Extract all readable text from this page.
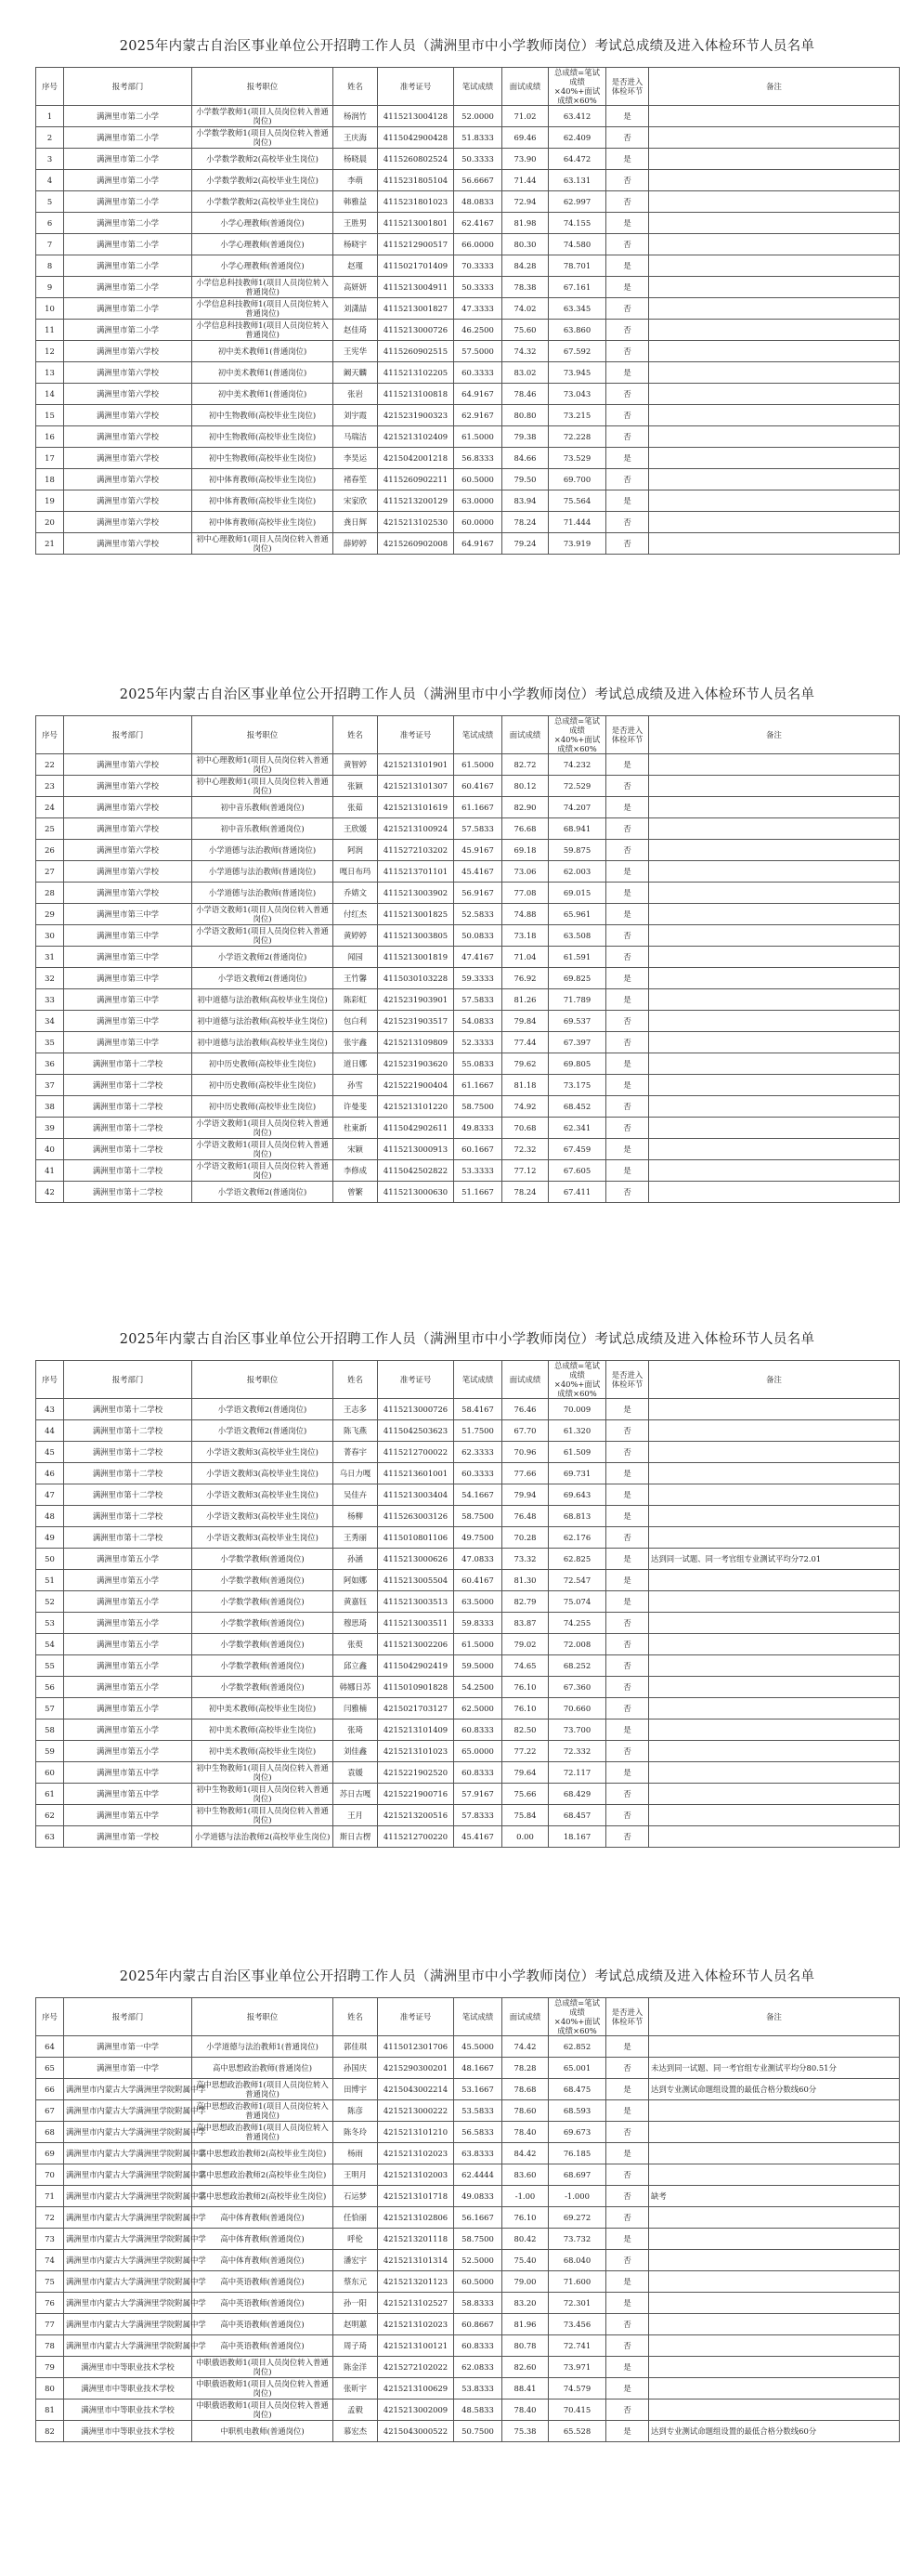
2025年内蒙古自治区事业单位公开招聘工作人员（满洲里市中小学教师岗位）考试总成绩及进入体检环节人员名单
序号	报考部门	报考职位	姓名	准考证号	笔试成绩	面试成绩	总成绩=笔试成绩×40%+面试成绩×60%	是否进入体检环节	备注
1	满洲里市第二小学	小学数学教师1(项目人员岗位转入普通岗位)	杨润竹	4115213004128	52.0000	71.02	63.412	是	
2	满洲里市第二小学	小学数学教师1(项目人员岗位转入普通岗位)	王庆海	4115042900428	51.8333	69.46	62.409	否	
3	满洲里市第二小学	小学数学教师2(高校毕业生岗位)	杨晓晨	4115260802524	50.3333	73.90	64.472	是	
4	满洲里市第二小学	小学数学教师2(高校毕业生岗位)	李萌	4115231805104	56.6667	71.44	63.131	否	
5	满洲里市第二小学	小学数学教师2(高校毕业生岗位)	韩雅益	4115231801023	48.0833	72.94	62.997	否	
6	满洲里市第二小学	小学心理教师(普通岗位)	王胜男	4115213001801	62.4167	81.98	74.155	是	
7	满洲里市第二小学	小学心理教师(普通岗位)	杨晓宇	4115212900517	66.0000	80.30	74.580	否	
8	满洲里市第二小学	小学心理教师(普通岗位)	赵瑾	4115021701409	70.3333	84.28	78.701	是	
9	满洲里市第二小学	小学信息科技教师1(项目人员岗位转入普通岗位)	高妍妍	4115213004911	50.3333	78.38	67.161	是	
10	满洲里市第二小学	小学信息科技教师1(项目人员岗位转入普通岗位)	刘潇喆	4115213001827	47.3333	74.02	63.345	否	
11	满洲里市第二小学	小学信息科技教师1(项目人员岗位转入普通岗位)	赵佳琦	4115213000726	46.2500	75.60	63.860	否	
12	满洲里市第六学校	初中美术教师1(普通岗位)	王宪华	4115260902515	57.5000	74.32	67.592	否	
13	满洲里市第六学校	初中美术教师1(普通岗位)	阚天麟	4115213102205	60.3333	83.02	73.945	是	
14	满洲里市第六学校	初中美术教师1(普通岗位)	张岩	4115213100818	64.9167	78.46	73.043	否	
15	满洲里市第六学校	初中生物教师(高校毕业生岗位)	刘宇霞	4215231900323	62.9167	80.80	73.215	否	
16	满洲里市第六学校	初中生物教师(高校毕业生岗位)	马瑞洁	4215213102409	61.5000	79.38	72.228	否	
17	满洲里市第六学校	初中生物教师(高校毕业生岗位)	李昊运	4215042001218	56.8333	84.66	73.529	是	
18	满洲里市第六学校	初中体育教师(高校毕业生岗位)	褚春笙	4115260902211	60.5000	79.50	69.700	否	
19	满洲里市第六学校	初中体育教师(高校毕业生岗位)	宋家欣	4115213200129	63.0000	83.94	75.564	是	
20	满洲里市第六学校	初中体育教师(高校毕业生岗位)	龚日辉	4215213102530	60.0000	78.24	71.444	否	
21	满洲里市第六学校	初中心理教师1(项目人员岗位转入普通岗位)	薛婷婷	4215260902008	64.9167	79.24	73.919	否	
2025年内蒙古自治区事业单位公开招聘工作人员（满洲里市中小学教师岗位）考试总成绩及进入体检环节人员名单
序号	报考部门	报考职位	姓名	准考证号	笔试成绩	面试成绩	总成绩=笔试成绩×40%+面试成绩×60%	是否进入体检环节	备注
22	满洲里市第六学校	初中心理教师1(项目人员岗位转入普通岗位)	黄智婷	4215213101901	61.5000	82.72	74.232	是	
23	满洲里市第六学校	初中心理教师1(项目人员岗位转入普通岗位)	张颖	4215213101307	60.4167	80.12	72.529	否	
24	满洲里市第六学校	初中音乐教师(普通岗位)	张茹	4215213101619	61.1667	82.90	74.207	是	
25	满洲里市第六学校	初中音乐教师(普通岗位)	王欣媛	4215213100924	57.5833	76.68	68.941	否	
26	满洲里市第六学校	小学道德与法治教师(普通岗位)	阿润	4115272103202	45.9167	69.18	59.875	否	
27	满洲里市第六学校	小学道德与法治教师(普通岗位)	嘎日布玛	4115213701101	45.4167	73.06	62.003	是	
28	满洲里市第六学校	小学道德与法治教师(普通岗位)	乔婧文	4115213003902	56.9167	77.08	69.015	是	
29	满洲里市第三中学	小学语文教师1(项目人员岗位转入普通岗位)	付红杰	4115213001825	52.5833	74.88	65.961	是	
30	满洲里市第三中学	小学语文教师1(项目人员岗位转入普通岗位)	黄婷婷	4115213003805	50.0833	73.18	63.508	否	
31	满洲里市第三中学	小学语文教师2(普通岗位)	闻园	4115213001819	47.4167	71.04	61.591	否	
32	满洲里市第三中学	小学语文教师2(普通岗位)	王竹馨	4115030103228	59.3333	76.92	69.825	是	
33	满洲里市第三中学	初中道德与法治教师(高校毕业生岗位)	陈彩虹	4215231903901	57.5833	81.26	71.789	是	
34	满洲里市第三中学	初中道德与法治教师(高校毕业生岗位)	包白利	4215231903517	54.0833	79.84	69.537	否	
35	满洲里市第三中学	初中道德与法治教师(高校毕业生岗位)	张宇鑫	4215213109809	52.3333	77.44	67.397	否	
36	满洲里市第十二学校	初中历史教师(高校毕业生岗位)	道日娜	4215231903620	55.0833	79.62	69.805	是	
37	满洲里市第十二学校	初中历史教师(高校毕业生岗位)	孙雪	4215221900404	61.1667	81.18	73.175	是	
38	满洲里市第十二学校	初中历史教师(高校毕业生岗位)	许曼斐	4215213101220	58.7500	74.92	68.452	否	
39	满洲里市第十二学校	小学语文教师1(项目人员岗位转入普通岗位)	杜東新	4115042902611	49.8333	70.68	62.341	否	
40	满洲里市第十二学校	小学语文教师1(项目人员岗位转入普通岗位)	宋颖	4115213000913	60.1667	72.32	67.459	是	
41	满洲里市第十二学校	小学语文教师1(项目人员岗位转入普通岗位)	李修成	4115042502822	53.3333	77.12	67.605	是	
42	满洲里市第十二学校	小学语文教师2(普通岗位)	曾繁	4115213000630	51.1667	78.24	67.411	否	
2025年内蒙古自治区事业单位公开招聘工作人员（满洲里市中小学教师岗位）考试总成绩及进入体检环节人员名单
序号	报考部门	报考职位	姓名	准考证号	笔试成绩	面试成绩	总成绩=笔试成绩×40%+面试成绩×60%	是否进入体检环节	备注
43	满洲里市第十二学校	小学语文教师2(普通岗位)	王志多	4115213000726	58.4167	76.46	70.009	是	
44	满洲里市第十二学校	小学语文教师2(普通岗位)	陈飞燕	4115042503623	51.7500	67.70	61.320	否	
45	满洲里市第十二学校	小学语文教师3(高校毕业生岗位)	菁春宇	4115212700022	62.3333	70.96	61.509	否	
46	满洲里市第十二学校	小学语文教师3(高校毕业生岗位)	乌日力嘎	4115213601001	60.3333	77.66	69.731	是	
47	满洲里市第十二学校	小学语文教师3(高校毕业生岗位)	吴佳卉	4115213003404	54.1667	79.94	69.643	是	
48	满洲里市第十二学校	小学语文教师3(高校毕业生岗位)	杨柳	4115263003126	58.7500	76.48	68.813	是	
49	满洲里市第十二学校	小学语文教师3(高校毕业生岗位)	王秀丽	4115010801106	49.7500	70.28	62.176	否	
50	满洲里市第五小学	小学数学教师(普通岗位)	孙涵	4115213000626	47.0833	73.32	62.825	是	达到同一试题、同一考官组专业测试平均分72.01
51	满洲里市第五小学	小学数学教师(普通岗位)	阿如娜	4115213005504	60.4167	81.30	72.547	是	
52	满洲里市第五小学	小学数学教师(普通岗位)	黄嘉钰	4115213003513	63.5000	82.79	75.074	是	
53	满洲里市第五小学	小学数学教师(普通岗位)	穆思琦	4115213003511	59.8333	83.87	74.255	否	
54	满洲里市第五小学	小学数学教师(普通岗位)	张萸	4115213002206	61.5000	79.02	72.008	否	
55	满洲里市第五小学	小学数学教师(普通岗位)	邱立鑫	4115042902419	59.5000	74.65	68.252	否	
56	满洲里市第五小学	小学数学教师(普通岗位)	韩娜日苏	4115010901828	54.2500	76.10	67.360	否	
57	满洲里市第五小学	初中美术教师(高校毕业生岗位)	闫雅楠	4215021703127	62.5000	76.10	70.660	否	
58	满洲里市第五小学	初中美术教师(高校毕业生岗位)	张琦	4215213101409	60.8333	82.50	73.700	是	
59	满洲里市第五小学	初中美术教师(高校毕业生岗位)	刘佳鑫	4215213101023	65.0000	77.22	72.332	否	
60	满洲里市第五中学	初中生物教师1(项目人员岗位转入普通岗位)	袁媛	4215221902520	60.8333	79.64	72.117	是	
61	满洲里市第五中学	初中生物教师1(项目人员岗位转入普通岗位)	苏日古嘎	4215221900716	57.9167	75.66	68.429	否	
62	满洲里市第五中学	初中生物教师1(项目人员岗位转入普通岗位)	王月	4215213200516	57.8333	75.84	68.457	否	
63	满洲里市第一学校	小学道德与法治教师2(高校毕业生岗位)	斯日古楞	4115212700220	45.4167	0.00	18.167	否	
2025年内蒙古自治区事业单位公开招聘工作人员（满洲里市中小学教师岗位）考试总成绩及进入体检环节人员名单
序号	报考部门	报考职位	姓名	准考证号	笔试成绩	面试成绩	总成绩=笔试成绩×40%+面试成绩×60%	是否进入体检环节	备注
64	满洲里市第一中学	小学道德与法治教师1(普通岗位)	郭佳琪	4115012301706	45.5000	74.42	62.852	是	
65	满洲里市第一中学	高中思想政治教师(普通岗位)	孙国庆	4215290300201	48.1667	78.28	65.001	否	未达到同一试题、同一考官组专业测试平均分80.51分
66	满洲里市内蒙古大学满洲里学院附属中学	高中思想政治教师1(项目人员岗位转入普通岗位)	田博宇	4215043002214	53.1667	78.68	68.475	是	达到专业测试命题组设置的最低合格分数线60分
67	满洲里市内蒙古大学满洲里学院附属中学	高中思想政治教师1(项目人员岗位转入普通岗位)	陈彦	4215213000222	53.5833	78.60	68.593	是	
68	满洲里市内蒙古大学满洲里学院附属中学	高中思想政治教师1(项目人员岗位转入普通岗位)	陈冬玲	4215213101210	56.5833	78.40	69.673	否	
69	满洲里市内蒙古大学满洲里学院附属中学	高中思想政治教师2(高校毕业生岗位)	杨雨	4215213102023	63.8333	84.42	76.185	是	
70	满洲里市内蒙古大学满洲里学院附属中学	高中思想政治教师2(高校毕业生岗位)	王明月	4215213102003	62.4444	83.60	68.697	否	
71	满洲里市内蒙古大学满洲里学院附属中学	高中思想政治教师2(高校毕业生岗位)	石运梦	4215213101718	49.0833	-1.00	-1.000	否	缺考
72	满洲里市内蒙古大学满洲里学院附属中学	高中体育教师(普通岗位)	任恰丽	4215213102806	56.1667	76.10	69.272	否	
73	满洲里市内蒙古大学满洲里学院附属中学	高中体育教师(普通岗位)	呼伦	4215213201118	58.7500	80.42	73.732	是	
74	满洲里市内蒙古大学满洲里学院附属中学	高中体育教师(普通岗位)	潘宏宇	4215213101314	52.5000	75.40	68.040	否	
75	满洲里市内蒙古大学满洲里学院附属中学	高中英语教师(普通岗位)	蔡东元	4215213201123	60.5000	79.00	71.600	是	
76	满洲里市内蒙古大学满洲里学院附属中学	高中英语教师(普通岗位)	孙一阳	4215213102527	58.8333	83.20	72.301	是	
77	满洲里市内蒙古大学满洲里学院附属中学	高中英语教师(普通岗位)	赵明蕙	4215213102023	60.8667	81.96	73.456	否	
78	满洲里市内蒙古大学满洲里学院附属中学	高中英语教师(普通岗位)	周子琦	4215213100121	60.8333	80.78	72.741	否	
79	满洲里市中等职业技术学校	中职俄语教师1(项目人员岗位转入普通岗位)	陈金洋	4215272102022	62.0833	82.60	73.971	是	
80	满洲里市中等职业技术学校	中职俄语教师1(项目人员岗位转入普通岗位)	张昕宇	4215213100629	53.8333	88.41	74.579	是	
81	满洲里市中等职业技术学校	中职俄语教师1(项目人员岗位转入普通岗位)	孟毅	4215213002009	48.5833	78.40	70.415	否	
82	满洲里市中等职业技术学校	中职机电教师(普通岗位)	慕宏杰	4215043000522	50.7500	75.38	65.528	是	达到专业测试命题组设置的最低合格分数线60分
